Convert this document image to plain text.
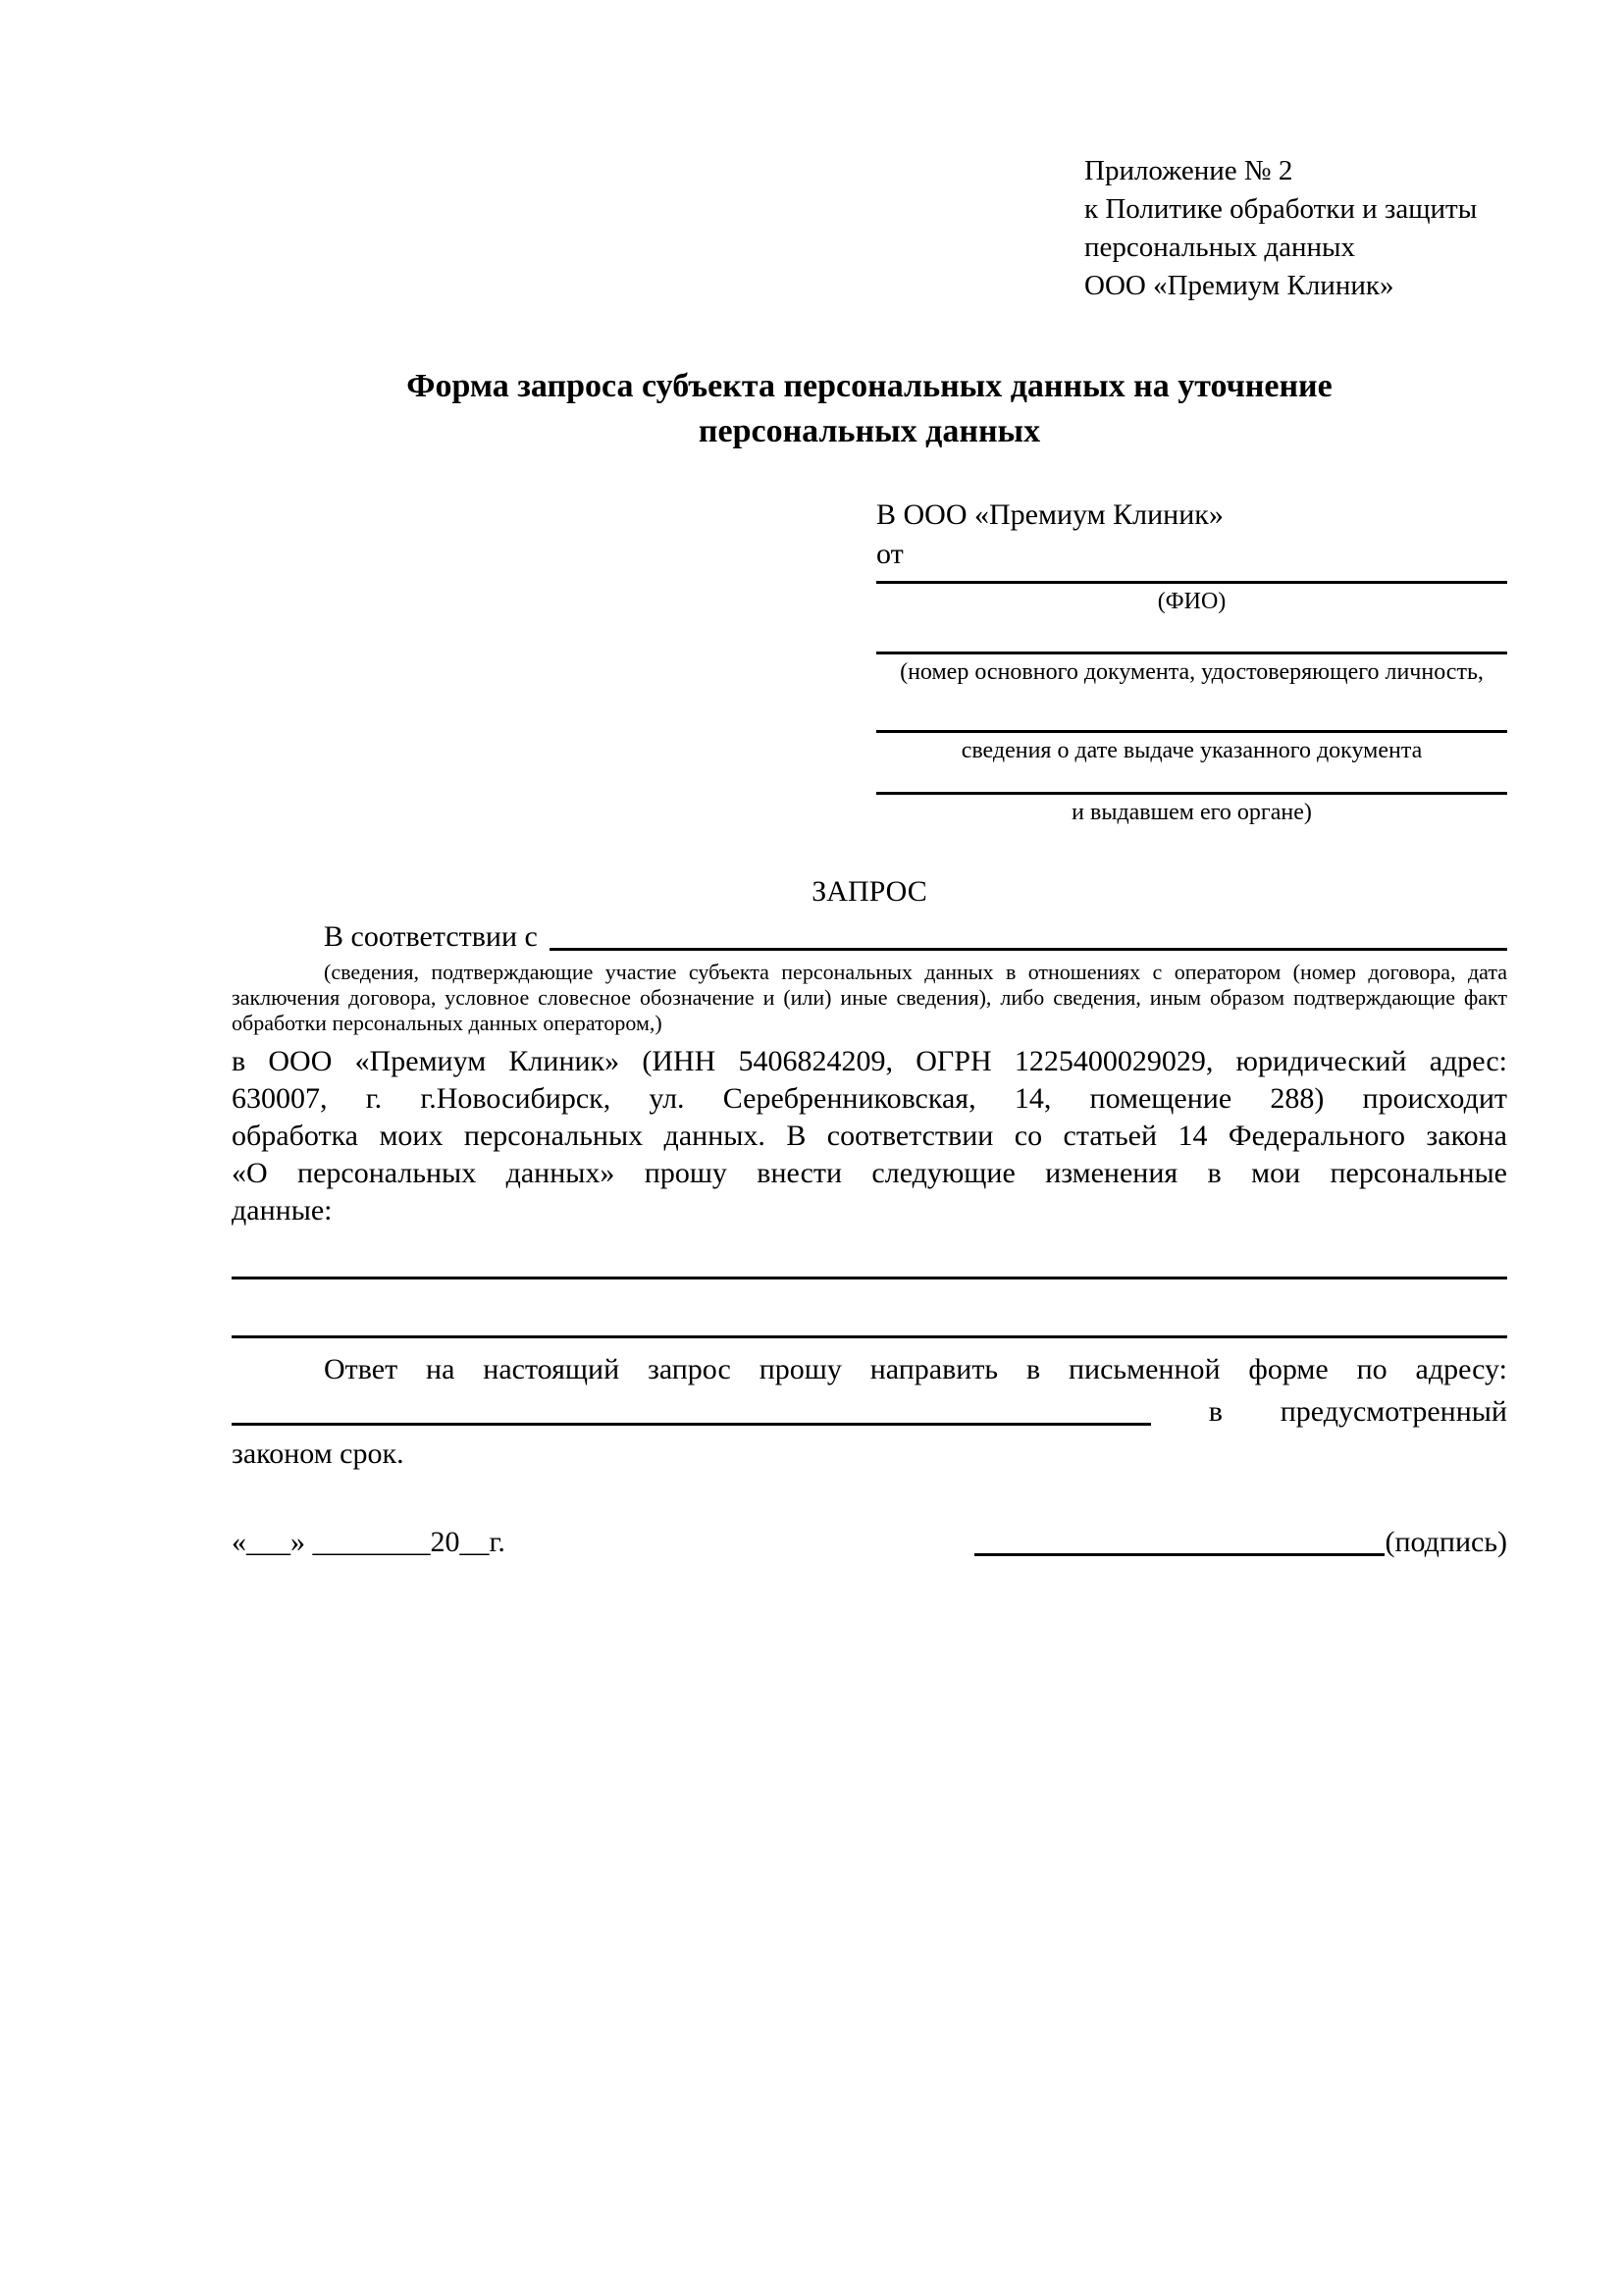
Приложение № 2
к Политике обработки и защиты
персональных данных
ООО «Премиум Клиник»
Форма запроса субъекта персональных данных на уточнение
персональных данных
В ООО «Премиум Клиник»
от
(ФИО)
(номер основного документа, удостоверяющего личность,
сведения о дате выдаче указанного документа
и выдавшем его органе)
ЗАПРОС
В соответствии с
(сведения, подтверждающие участие субъекта персональных данных в отношениях с оператором (номер договора, дата
заключения договора, условное словесное обозначение и (или) иные сведения), либо сведения, иным образом подтверждающие факт
обработки персональных данных оператором,)
в ООО «Премиум Клиник» (ИНН 5406824209, ОГРН 1225400029029, юридический адрес:
630007, г. г.Новосибирск, ул. Серебренниковская, 14, помещение 288) происходит
обработка моих персональных данных. В соответствии со статьей 14 Федерального закона
«О персональных данных» прошу внести следующие изменения в мои персональные
данные:
Ответ на настоящий запрос прошу направить в письменной форме по адресу:
в предусмотренный
законом срок.
«___» ________20__г.	(подпись)
